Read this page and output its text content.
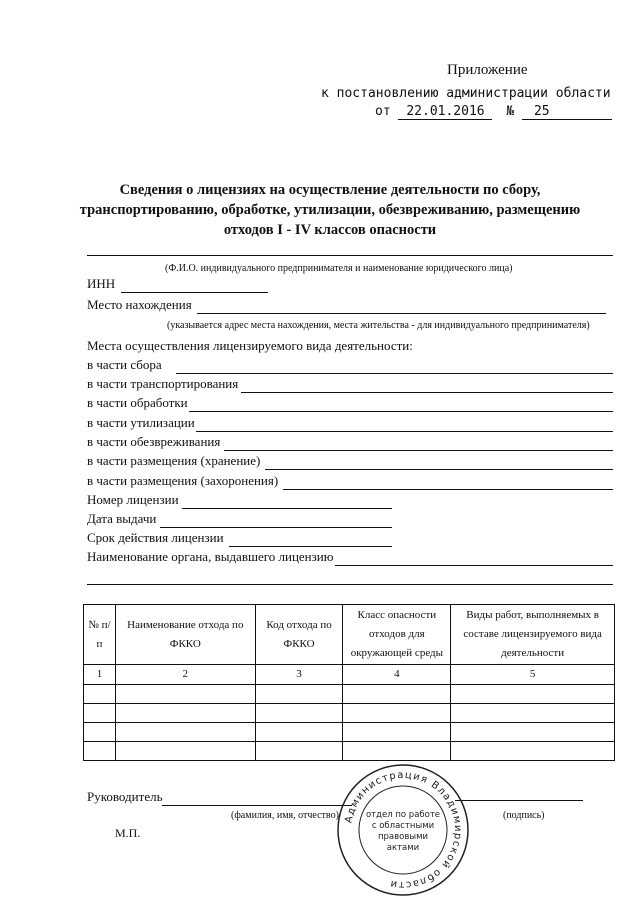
Приложение
к постановлению администрации области
от 22.01.2016 № 25
Сведения о лицензиях на осуществление деятельности по сбору,
транспортированию, обработке, утилизации, обезвреживанию, размещению
отходов I - IV классов опасности
(Ф.И.О. индивидуального предпринимателя и наименование юридического лица)
ИНН
Место нахождения
(указывается адрес места нахождения, места жительства - для индивидуального предпринимателя)
Места осуществления лицензируемого вида деятельности:
в части сбора
в части транспортирования
в части обработки
в части утилизации
в части обезвреживания
в части размещения (хранение)
в части размещения (захоронения)
Номер лицензии
Дата выдачи
Срок действия лицензии
Наименование органа, выдавшего лицензию
№ п/п	Наименование отхода по ФККО	Код отхода по ФККО	Класс опасности отходов для окружающей среды	Виды работ, выполняемых в составе лицензируемого вида деятельности
1	2	3	4	5

Руководитель
(фамилия, имя, отчество)	(подпись)
М.П.
Администрация Владимирской области
отдел по работе
с областными
правовыми
актами
